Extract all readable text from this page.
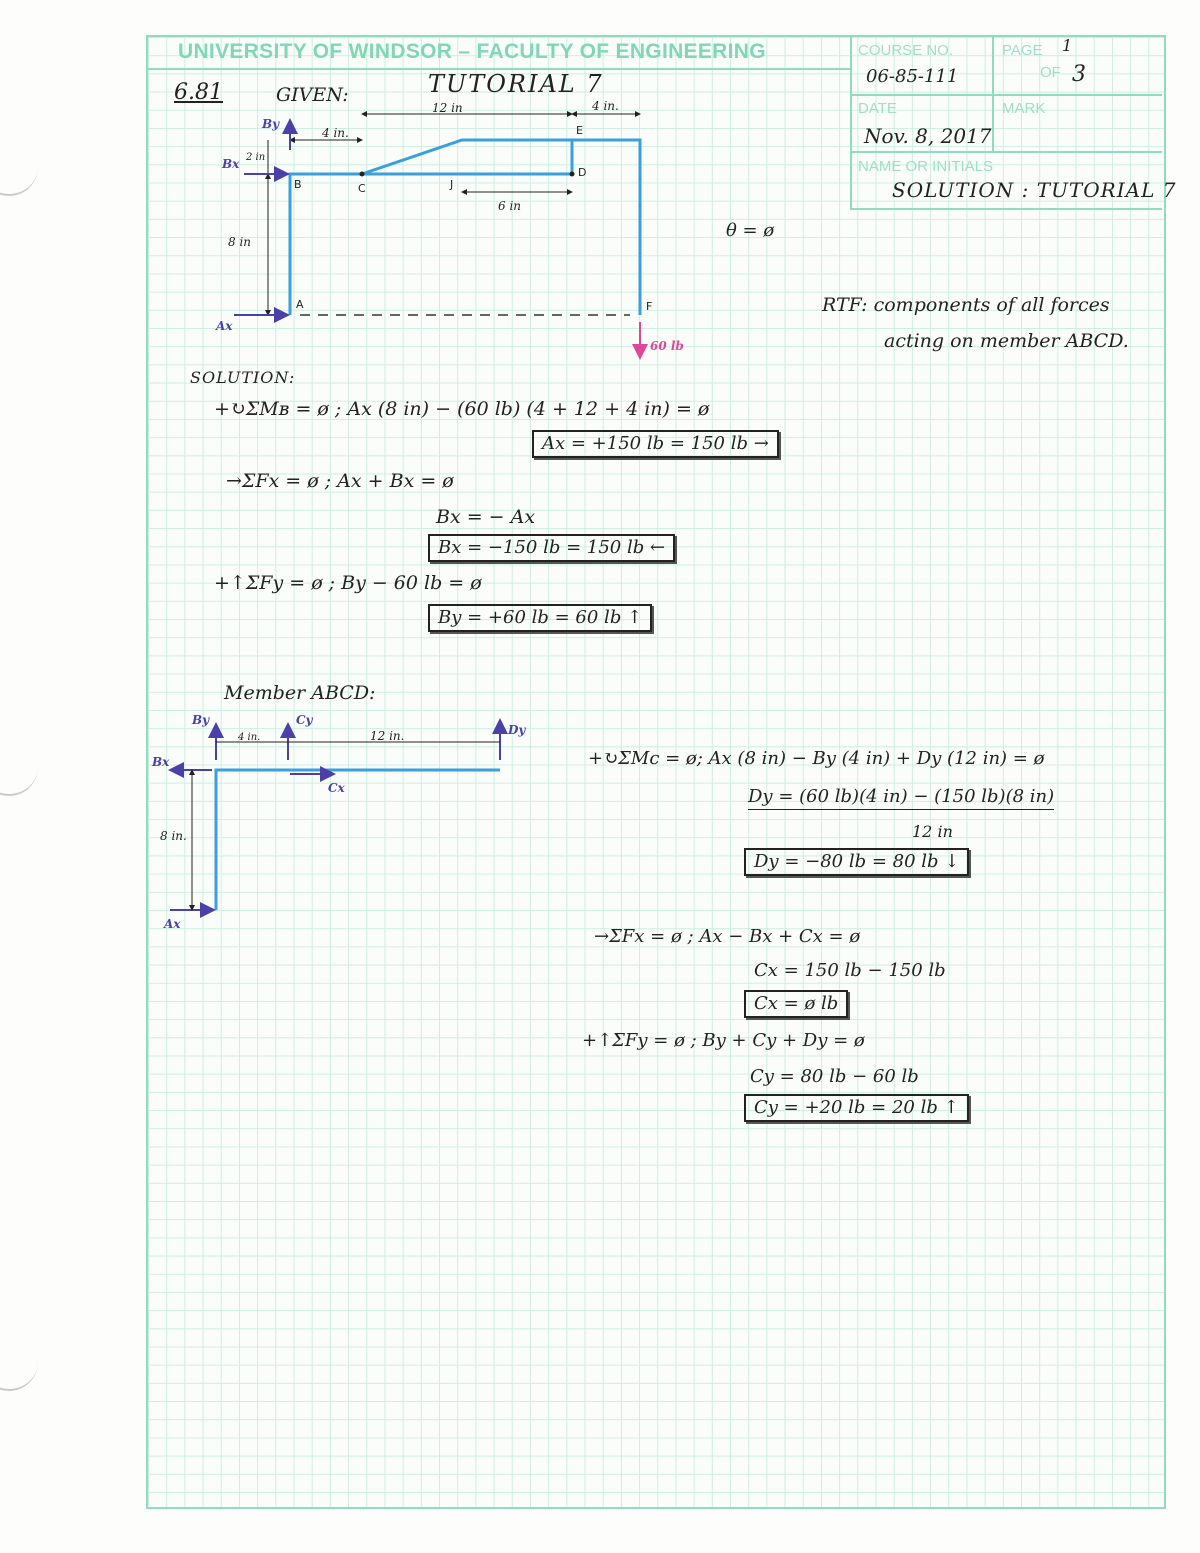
UNIVERSITY OF WINDSOR – FACULTY OF ENGINEERING	COURSE NO.
06-85-111
PAGE 1
OF 3
DATE
Nov. 8, 2017
MARK
NAME OR INITIALS
SOLUTION : TUTORIAL 7
6.81	GIVEN:	TUTORIAL 7
θ = ø
RTF: components of all forces
acting on member ABCD.
12 in	4 in.
4 in.
2 in
6 in
8 in
B	C	J
D
E
A	F
By
Bx
Ax
60 lb
SOLUTION:
+↻ΣMʙ = ø ; Ax (8 in) − (60 lb) (4 + 12 + 4 in) = ø
Ax = +150 lb = 150 lb →
→ΣFx = ø ; Ax + Bx = ø
Bx = − Ax
Bx = −150 lb = 150 lb ←
+↑ΣFy = ø ; By − 60 lb = ø
By = +60 lb = 60 lb ↑
Member ABCD:
4 in.	12 in.
8 in.
By	Cy
Dy
Bx
Cx
Ax
+↻ΣMc = ø; Ax (8 in) − By (4 in) + Dy (12 in) = ø
Dy = (60 lb)(4 in) − (150 lb)(8 in)
12 in
Dy = −80 lb = 80 lb ↓
→ΣFx = ø ; Ax − Bx + Cx = ø
Cx = 150 lb − 150 lb
Cx = ø lb
+↑ΣFy = ø ; By + Cy + Dy = ø
Cy = 80 lb − 60 lb
Cy = +20 lb = 20 lb ↑
